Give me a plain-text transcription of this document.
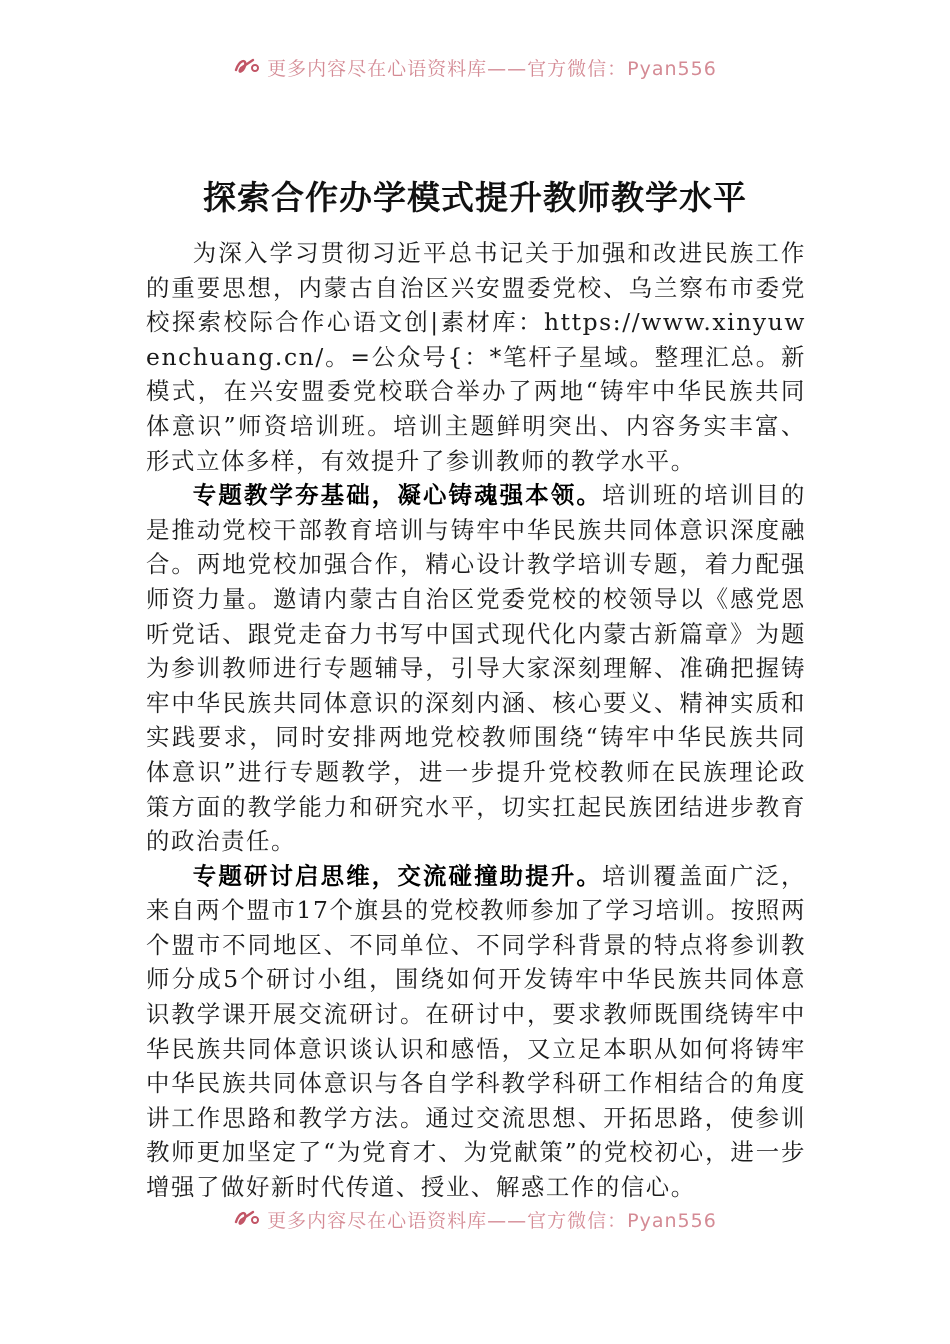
更多内容尽在心语资料库——官方微信：Pyan556
探索合作办学模式提升教师教学水平

为深入学习贯彻习近平总书记关于加强和改进民族工作的重要思想，内蒙古自治区兴安盟委党校、乌兰察布市委党校探索校际合作心语文创|素材库：https://www.xinyuwenchuang.cn/。=公众号{：*笔杆子星域。整理汇总。新模式，在兴安盟委党校联合举办了两地“铸牢中华民族共同体意识”师资培训班。培训主题鲜明突出、内容务实丰富、形式立体多样，有效提升了参训教师的教学水平。

专题教学夯基础，凝心铸魂强本领。培训班的培训目的是推动党校干部教育培训与铸牢中华民族共同体意识深度融合。两地党校加强合作，精心设计教学培训专题，着力配强师资力量。邀请内蒙古自治区党委党校的校领导以《感党恩听党话、跟党走奋力书写中国式现代化内蒙古新篇章》为题为参训教师进行专题辅导，引导大家深刻理解、准确把握铸牢中华民族共同体意识的深刻内涵、核心要义、精神实质和实践要求，同时安排两地党校教师围绕“铸牢中华民族共同体意识”进行专题教学，进一步提升党校教师在民族理论政策方面的教学能力和研究水平，切实扛起民族团结进步教育的政治责任。

专题研讨启思维，交流碰撞助提升。培训覆盖面广泛，来自两个盟市17个旗县的党校教师参加了学习培训。按照两个盟市不同地区、不同单位、不同学科背景的特点将参训教师分成5个研讨小组，围绕如何开发铸牢中华民族共同体意识教学课开展交流研讨。在研讨中，要求教师既围绕铸牢中华民族共同体意识谈认识和感悟，又立足本职从如何将铸牢中华民族共同体意识与各自学科教学科研工作相结合的角度讲工作思路和教学方法。通过交流思想、开拓思路，使参训教师更加坚定了“为党育才、为党献策”的党校初心，进一步增强了做好新时代传道、授业、解惑工作的信心。

更多内容尽在心语资料库——官方微信：Pyan556
